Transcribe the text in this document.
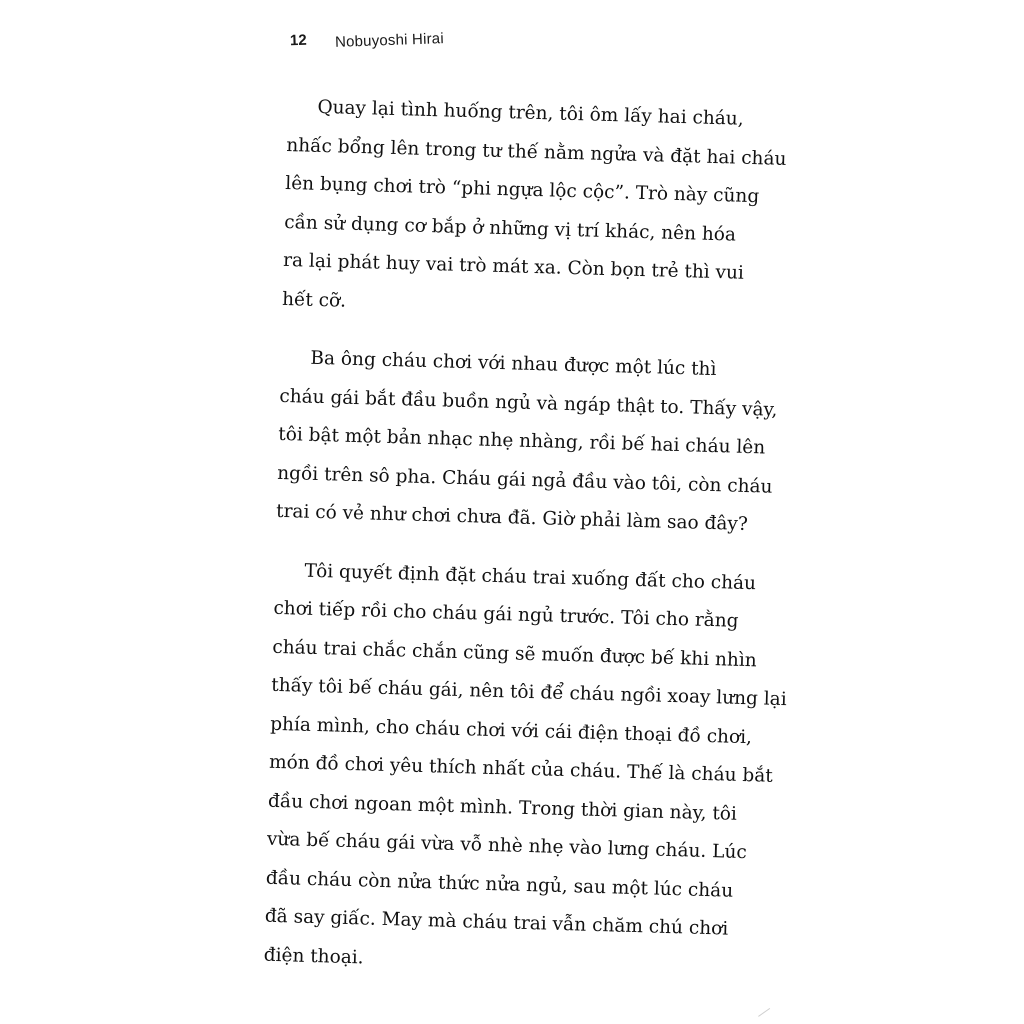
12 Nobuyoshi Hirai
Quay lại tình huống trên, tôi ôm lấy hai cháu,
nhấc bổng lên trong tư thế nằm ngửa và đặt hai cháu
lên bụng chơi trò “phi ngựa lộc cộc”. Trò này cũng
cần sử dụng cơ bắp ở những vị trí khác, nên hóa
ra lại phát huy vai trò mát xa. Còn bọn trẻ thì vui
hết cỡ.
Ba ông cháu chơi với nhau được một lúc thì
cháu gái bắt đầu buồn ngủ và ngáp thật to. Thấy vậy,
tôi bật một bản nhạc nhẹ nhàng, rồi bế hai cháu lên
ngồi trên sô pha. Cháu gái ngả đầu vào tôi, còn cháu
trai có vẻ như chơi chưa đã. Giờ phải làm sao đây?
Tôi quyết định đặt cháu trai xuống đất cho cháu
chơi tiếp rồi cho cháu gái ngủ trước. Tôi cho rằng
cháu trai chắc chắn cũng sẽ muốn được bế khi nhìn
thấy tôi bế cháu gái, nên tôi để cháu ngồi xoay lưng lại
phía mình, cho cháu chơi với cái điện thoại đồ chơi,
món đồ chơi yêu thích nhất của cháu. Thế là cháu bắt
đầu chơi ngoan một mình. Trong thời gian này, tôi
vừa bế cháu gái vừa vỗ nhè nhẹ vào lưng cháu. Lúc
đầu cháu còn nửa thức nửa ngủ, sau một lúc cháu
đã say giấc. May mà cháu trai vẫn chăm chú chơi
điện thoại.
